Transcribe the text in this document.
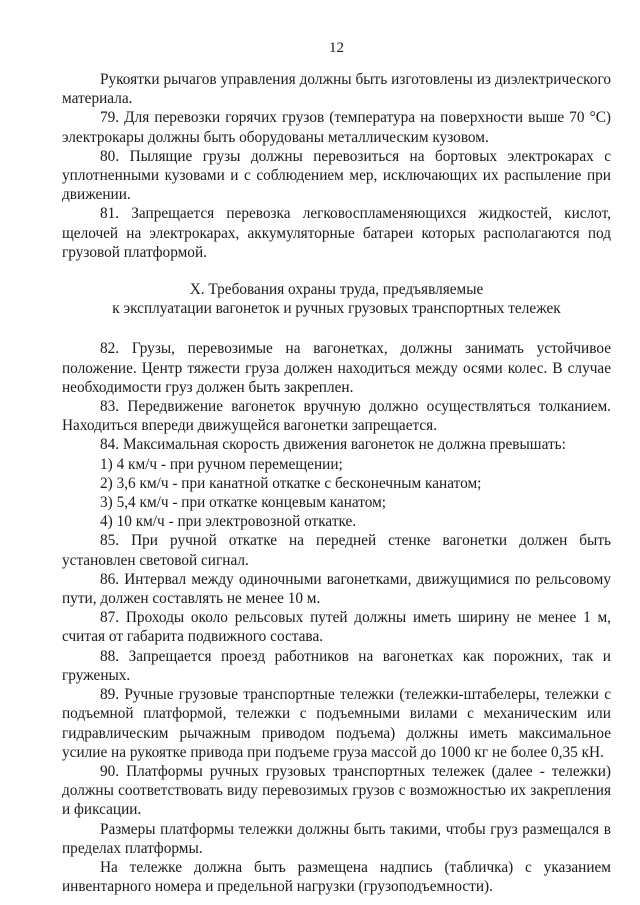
12

Рукоятки рычагов управления должны быть изготовлены из диэлектрического материала.

79. Для перевозки горячих грузов (температура на поверхности выше 70 °С) электрокары должны быть оборудованы металлическим кузовом.

80. Пылящие грузы должны перевозиться на бортовых электрокарах с уплотненными кузовами и с соблюдением мер, исключающих их распыление при движении.

81. Запрещается перевозка легковоспламеняющихся жидкостей, кислот, щелочей на электрокарах, аккумуляторные батареи которых располагаются под грузовой платформой.

X. Требования охраны труда, предъявляемые
к эксплуатации вагонеток и ручных грузовых транспортных тележек

82. Грузы, перевозимые на вагонетках, должны занимать устойчивое положение. Центр тяжести груза должен находиться между осями колес. В случае необходимости груз должен быть закреплен.

83. Передвижение вагонеток вручную должно осуществляться толканием. Находиться впереди движущейся вагонетки запрещается.

84. Максимальная скорость движения вагонеток не должна превышать:

1) 4 км/ч - при ручном перемещении;

2) 3,6 км/ч - при канатной откатке с бесконечным канатом;

3) 5,4 км/ч - при откатке концевым канатом;

4) 10 км/ч - при электровозной откатке.

85. При ручной откатке на передней стенке вагонетки должен быть установлен световой сигнал.

86. Интервал между одиночными вагонетками, движущимися по рельсовому пути, должен составлять не менее 10 м.

87. Проходы около рельсовых путей должны иметь ширину не менее 1 м, считая от габарита подвижного состава.

88. Запрещается проезд работников на вагонетках как порожних, так и груженых.

89. Ручные грузовые транспортные тележки (тележки-штабелеры, тележки с подъемной платформой, тележки с подъемными вилами с механическим или гидравлическим рычажным приводом подъема) должны иметь максимальное усилие на рукоятке привода при подъеме груза массой до 1000 кг не более 0,35 кН.

90. Платформы ручных грузовых транспортных тележек (далее - тележки) должны соответствовать виду перевозимых грузов с возможностью их закрепления и фиксации.

Размеры платформы тележки должны быть такими, чтобы груз размещался в пределах платформы.

На тележке должна быть размещена надпись (табличка) с указанием инвентарного номера и предельной нагрузки (грузоподъемности).
